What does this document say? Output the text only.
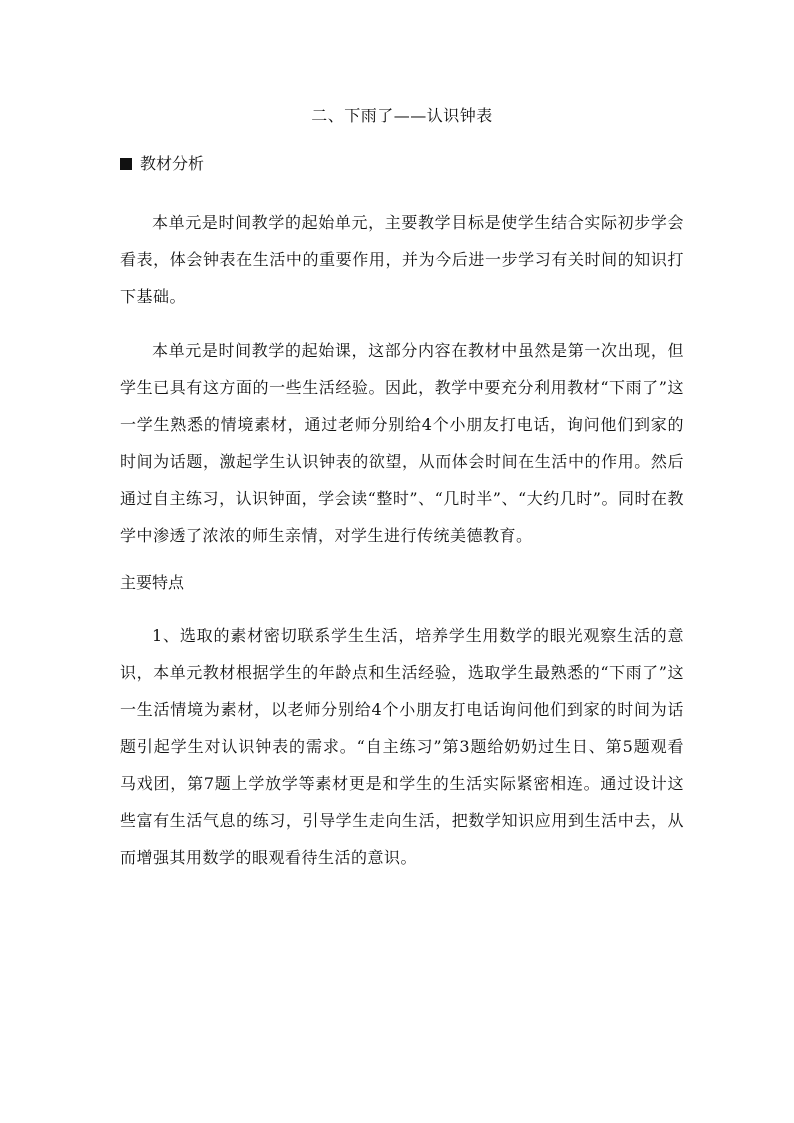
二、下雨了——认识钟表
教材分析

本单元是时间教学的起始单元，主要教学目标是使学生结合实际初步学会看表，体会钟表在生活中的重要作用，并为今后进一步学习有关时间的知识打下基础。

本单元是时间教学的起始课，这部分内容在教材中虽然是第一次出现，但学生已具有这方面的一些生活经验。因此，教学中要充分利用教材“下雨了”这一学生熟悉的情境素材，通过老师分别给4个小朋友打电话，询问他们到家的时间为话题，激起学生认识钟表的欲望，从而体会时间在生活中的作用。然后通过自主练习，认识钟面，学会读“整时”、“几时半”、“大约几时”。同时在教学中渗透了浓浓的师生亲情，对学生进行传统美德教育。

主要特点

1、选取的素材密切联系学生生活，培养学生用数学的眼光观察生活的意识，本单元教材根据学生的年龄点和生活经验，选取学生最熟悉的“下雨了”这一生活情境为素材，以老师分别给4个小朋友打电话询问他们到家的时间为话题引起学生对认识钟表的需求。“自主练习”第3题给奶奶过生日、第5题观看马戏团，第7题上学放学等素材更是和学生的生活实际紧密相连。通过设计这些富有生活气息的练习，引导学生走向生活，把数学知识应用到生活中去，从而增强其用数学的眼观看待生活的意识。
